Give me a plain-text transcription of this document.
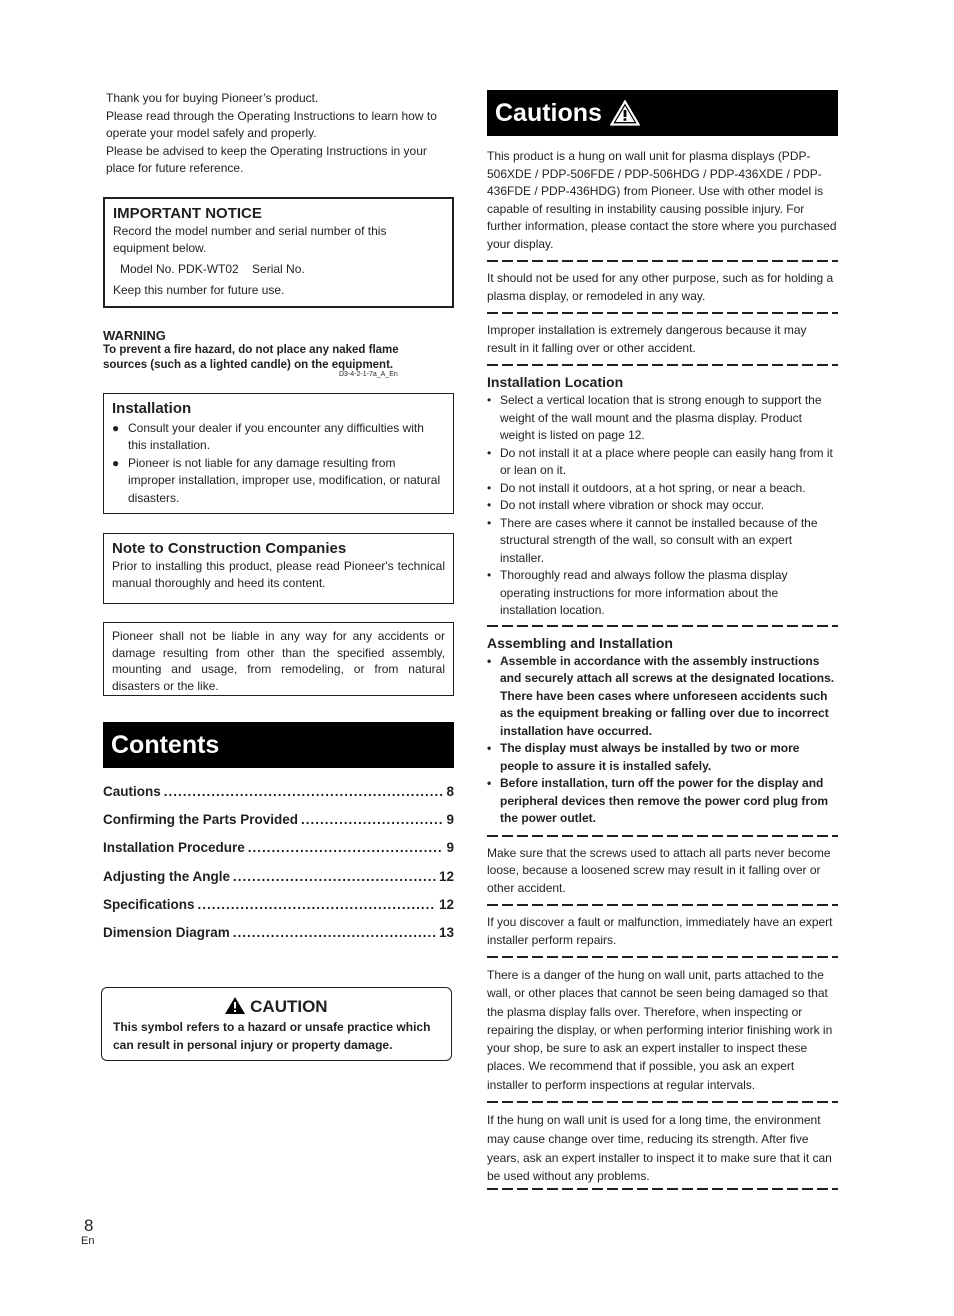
Thank you for buying Pioneer’s product.

Please read through the Operating Instructions to learn how to operate your model safely and properly.

Please be advised to keep the Operating Instructions in your place for future reference.

IMPORTANT NOTICE
Record the model number and serial number of this equipment below.
Model No. PDK-WT02    Serial No.
Keep this number for future use.
WARNING
To prevent a fire hazard, do not place any naked flame sources (such as a lighted candle) on the equipment.
D3-4-2-1-7a_A_En
Installation
● Consult your dealer if you encounter any difficulties with this installation.
● Pioneer is not liable for any damage resulting from improper installation, improper use, modification, or natural disasters.
Note to Construction Companies
Prior to installing this product, please read Pioneer's technical manual thoroughly and heed its content.
Pioneer shall not be liable in any way for any accidents or damage resulting from other than the specified assembly, mounting and usage, from remodeling, or from natural disasters or the like.
Contents
Cautions .....	8
Confirming the Parts Provided .....	9
Installation Procedure .....	9
Adjusting the Angle .....	12
Specifications .....	12
Dimension Diagram .....	13
CAUTION
This symbol refers to a hazard or unsafe practice which can result in personal injury or property damage.
Cautions
This product is a hung on wall unit for plasma displays (PDP-506XDE / PDP-506FDE / PDP-506HDG / PDP-436XDE / PDP-436FDE / PDP-436HDG) from Pioneer. Use with other model is capable of resulting in instability causing possible injury. For further information, please contact the store where you purchased your display.
It should not be used for any other purpose, such as for holding a plasma display, or remodeled in any way.
Improper installation is extremely dangerous because it may result in it falling over or other accident.
Installation Location
• Select a vertical location that is strong enough to support the weight of the wall mount and the plasma display. Product weight is listed on page 12.
• Do not install it at a place where people can easily hang from it or lean on it.
• Do not install it outdoors, at a hot spring, or near a beach.
• Do not install where vibration or shock may occur.
• There are cases where it cannot be installed because of the structural strength of the wall, so consult with an expert installer.
• Thoroughly read and always follow the plasma display operating instructions for more information about the installation location.
Assembling and Installation
• Assemble in accordance with the assembly instructions and securely attach all screws at the designated locations.
There have been cases where unforeseen accidents such as the equipment breaking or falling over due to incorrect installation have occurred.
• The display must always be installed by two or more people to assure it is installed safely.
• Before installation, turn off the power for the display and peripheral devices then remove the power cord plug from the power outlet.
Make sure that the screws used to attach all parts never become loose, because a loosened screw may result in it falling over or other accident.
If you discover a fault or malfunction, immediately have an expert installer perform repairs.
There is a danger of the hung on wall unit, parts attached to the wall, or other places that cannot be seen being damaged so that the plasma display falls over. Therefore, when inspecting or repairing the display, or when performing interior finishing work in your shop, be sure to ask an expert installer to inspect these places. We recommend that if possible, you ask an expert installer to perform inspections at regular intervals.
If the hung on wall unit is used for a long time, the environment may cause change over time, reducing its strength. After five years, ask an expert installer to inspect it to make sure that it can be used without any problems.
8
En
